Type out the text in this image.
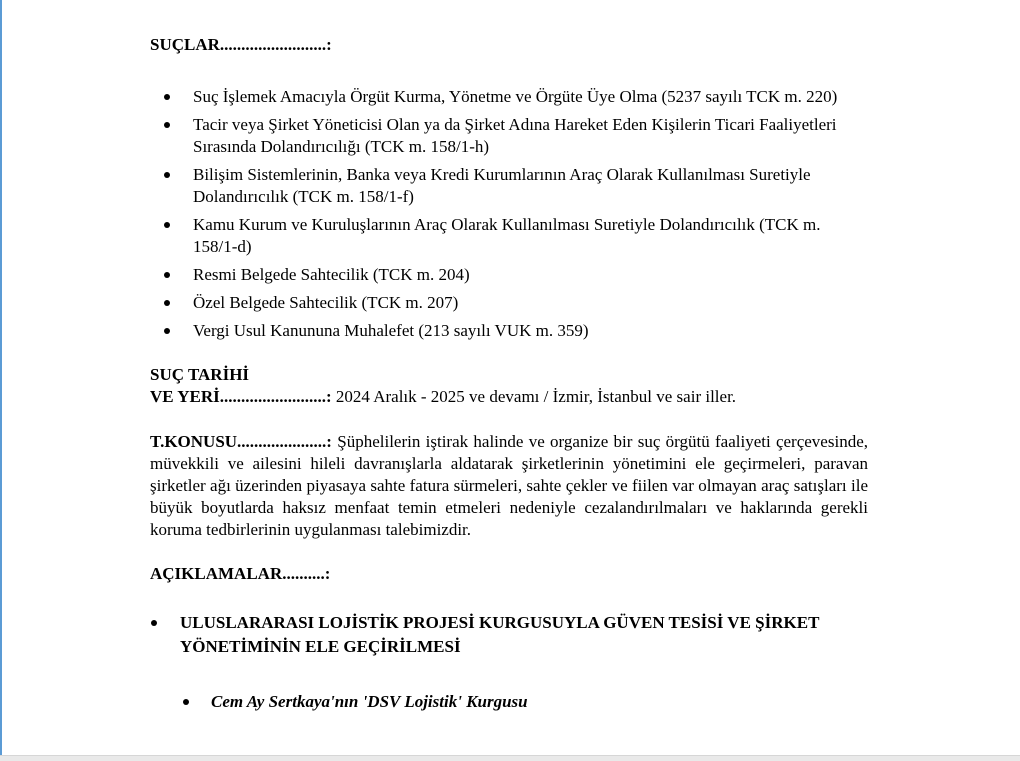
SUÇLAR.........................:

Suç İşlemek Amacıyla Örgüt Kurma, Yönetme ve Örgüte Üye Olma (5237 sayılı TCK m. 220)
Tacir veya Şirket Yöneticisi Olan ya da Şirket Adına Hareket Eden Kişilerin Ticari Faaliyetleri Sırasında Dolandırıcılığı (TCK m. 158/1-h)
Bilişim Sistemlerinin, Banka veya Kredi Kurumlarının Araç Olarak Kullanılması Suretiyle Dolandırıcılık (TCK m. 158/1-f)
Kamu Kurum ve Kuruluşlarının Araç Olarak Kullanılması Suretiyle Dolandırıcılık (TCK m. 158/1-d)
Resmi Belgede Sahtecilik (TCK m. 204)
Özel Belgede Sahtecilik (TCK m. 207)
Vergi Usul Kanununa Muhalefet (213 sayılı VUK m. 359)
SUÇ TARİHİ
VE YERİ.........................: 2024 Aralık - 2025 ve devamı / İzmir, İstanbul ve sair iller.
T.KONUSU.....................: Şüphelilerin iştirak halinde ve organize bir suç örgütü faaliyeti çerçevesinde, müvekkili ve ailesini hileli davranışlarla aldatarak şirketlerinin yönetimini ele geçirmeleri, paravan şirketler ağı üzerinden piyasaya sahte fatura sürmeleri, sahte çekler ve fiilen var olmayan araç satışları ile büyük boyutlarda haksız menfaat temin etmeleri nedeniyle cezalandırılmaları ve haklarında gerekli koruma tedbirlerinin uygulanması talebimizdir.

AÇIKLAMALAR..........:

ULUSLARARASI LOJİSTİK PROJESİ KURGUSUYLA GÜVEN TESİSİ VE ŞİRKET YÖNETİMİNİN ELE GEÇİRİLMESİ
Cem Ay Sertkaya'nın 'DSV Lojistik' Kurgusu
